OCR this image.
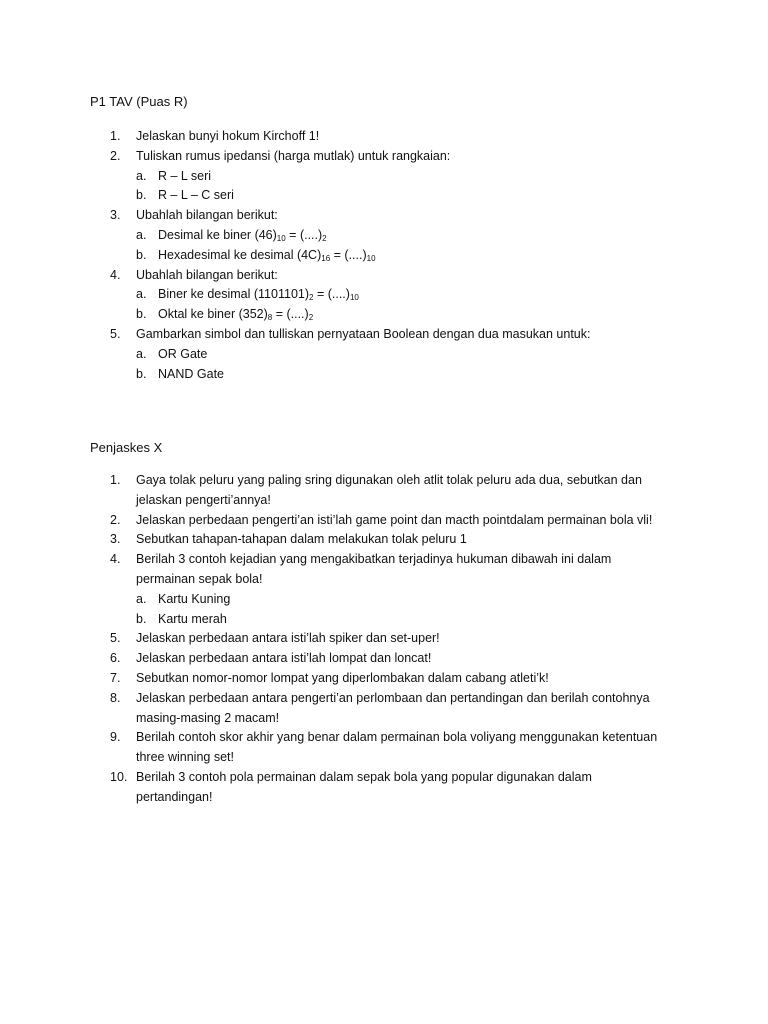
P1 TAV (Puas R)
1.	Jelaskan bunyi hokum Kirchoff 1!
2.	Tuliskan rumus ipedansi (harga mutlak) untuk rangkaian:
a. R – L seri
b. R – L – C seri
3.	Ubahlah bilangan berikut:
a. Desimal ke biner $(46)_{10} = (....)_2$
b. Hexadesimal ke desimal $(4C)_{16} = (....)_{10}$
4.	Ubahlah bilangan berikut:
a. Biner ke desimal $(1101101)_2 = (....)_{10}$
b. Oktal ke biner $(352)_8 = (....)_2$
5.	Gambarkan simbol dan tulliskan pernyataan Boolean dengan dua masukan untuk:
a. OR Gate
b. NAND Gate
Penjaskes X
1.	Gaya tolak peluru yang paling sring digunakan oleh atlit tolak peluru ada dua, sebutkan dan
jelaskan pengerti’annya!
2.	Jelaskan perbedaan pengerti’an isti’lah game point dan macth pointdalam permainan bola vli!
3.	Sebutkan tahapan-tahapan dalam melakukan tolak peluru 1
4.	Berilah 3 contoh kejadian yang mengakibatkan terjadinya hukuman dibawah ini dalam
permainan sepak bola!
a. Kartu Kuning
b. Kartu merah
5.	Jelaskan perbedaan antara isti’lah spiker dan set-uper!
6.	Jelaskan perbedaan antara isti’lah lompat dan loncat!
7.	Sebutkan nomor-nomor lompat yang diperlombakan dalam cabang atleti’k!
8.	Jelaskan perbedaan antara pengerti’an perlombaan dan pertandingan dan berilah contohnya
masing-masing 2 macam!
9.	Berilah contoh skor akhir yang benar dalam permainan bola voliyang menggunakan ketentuan
three winning set!
10. Berilah 3 contoh pola permainan dalam sepak bola yang popular digunakan dalam
pertandingan!
